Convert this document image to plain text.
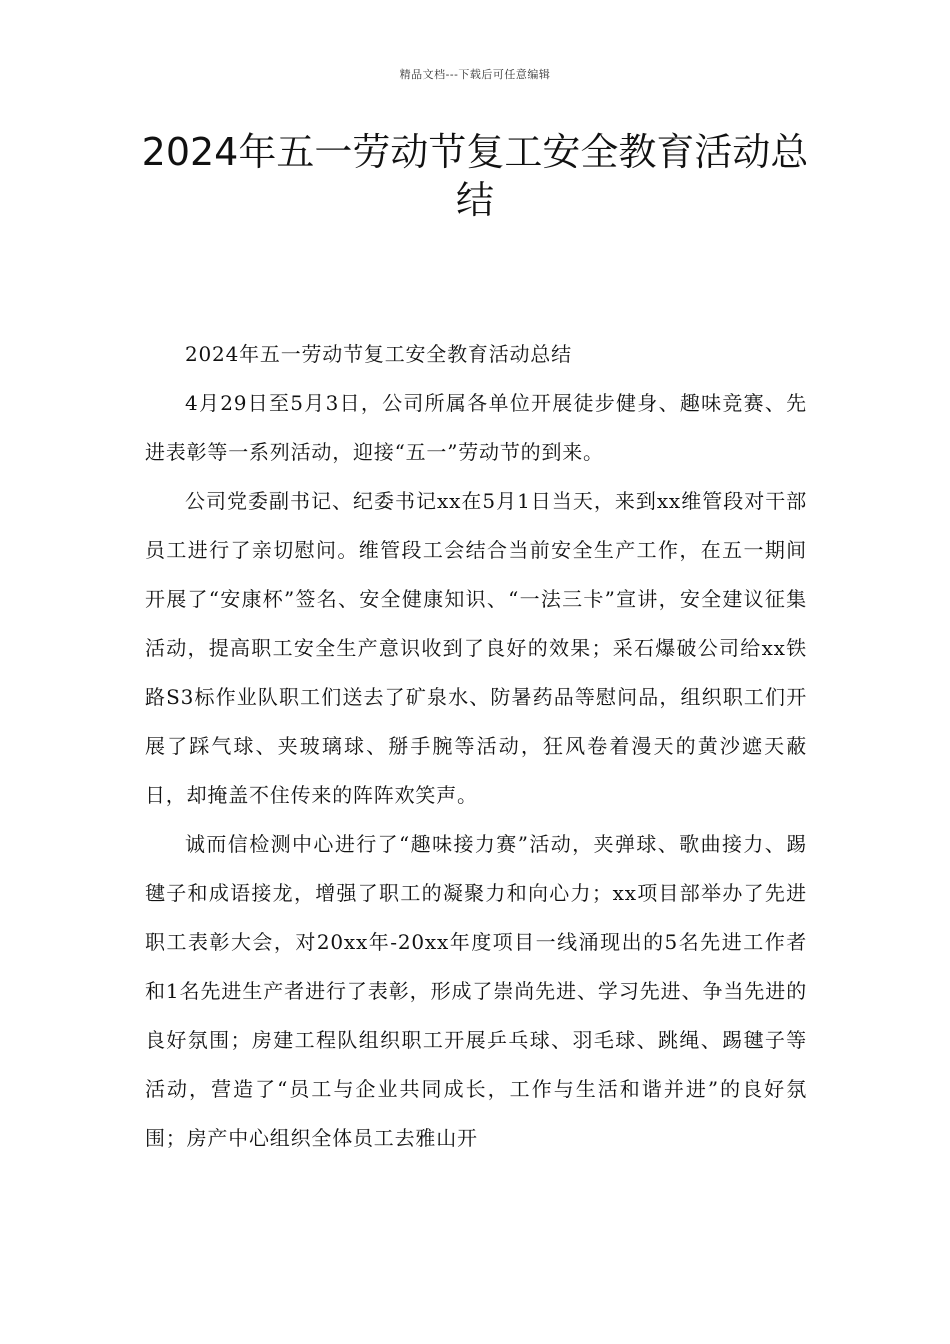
精品文档---下载后可任意编辑
2024年五一劳动节复工安全教育活动总结

2024年五一劳动节复工安全教育活动总结

4月29日至5月3日，公司所属各单位开展徒步健身、趣味竞赛、先进表彰等一系列活动，迎接“五一”劳动节的到来。

公司党委副书记、纪委书记xx在5月1日当天，来到xx维管段对干部员工进行了亲切慰问。维管段工会结合当前安全生产工作，在五一期间开展了“安康杯”签名、安全健康知识、“一法三卡”宣讲，安全建议征集活动，提高职工安全生产意识收到了良好的效果；采石爆破公司给xx铁路S3标作业队职工们送去了矿泉水、防暑药品等慰问品，组织职工们开展了踩气球、夹玻璃球、掰手腕等活动，狂风卷着漫天的黄沙遮天蔽日，却掩盖不住传来的阵阵欢笑声。

诚而信检测中心进行了“趣味接力赛”活动，夹弹球、歌曲接力、踢毽子和成语接龙，增强了职工的凝聚力和向心力；xx项目部举办了先进职工表彰大会，对20xx年-20xx年度项目一线涌现出的5名先进工作者和1名先进生产者进行了表彰，形成了崇尚先进、学习先进、争当先进的良好氛围；房建工程队组织职工开展乒乓球、羽毛球、跳绳、踢毽子等活动，营造了“员工与企业共同成长，工作与生活和谐并进”的良好氛围；房产中心组织全体员工去雅山开
